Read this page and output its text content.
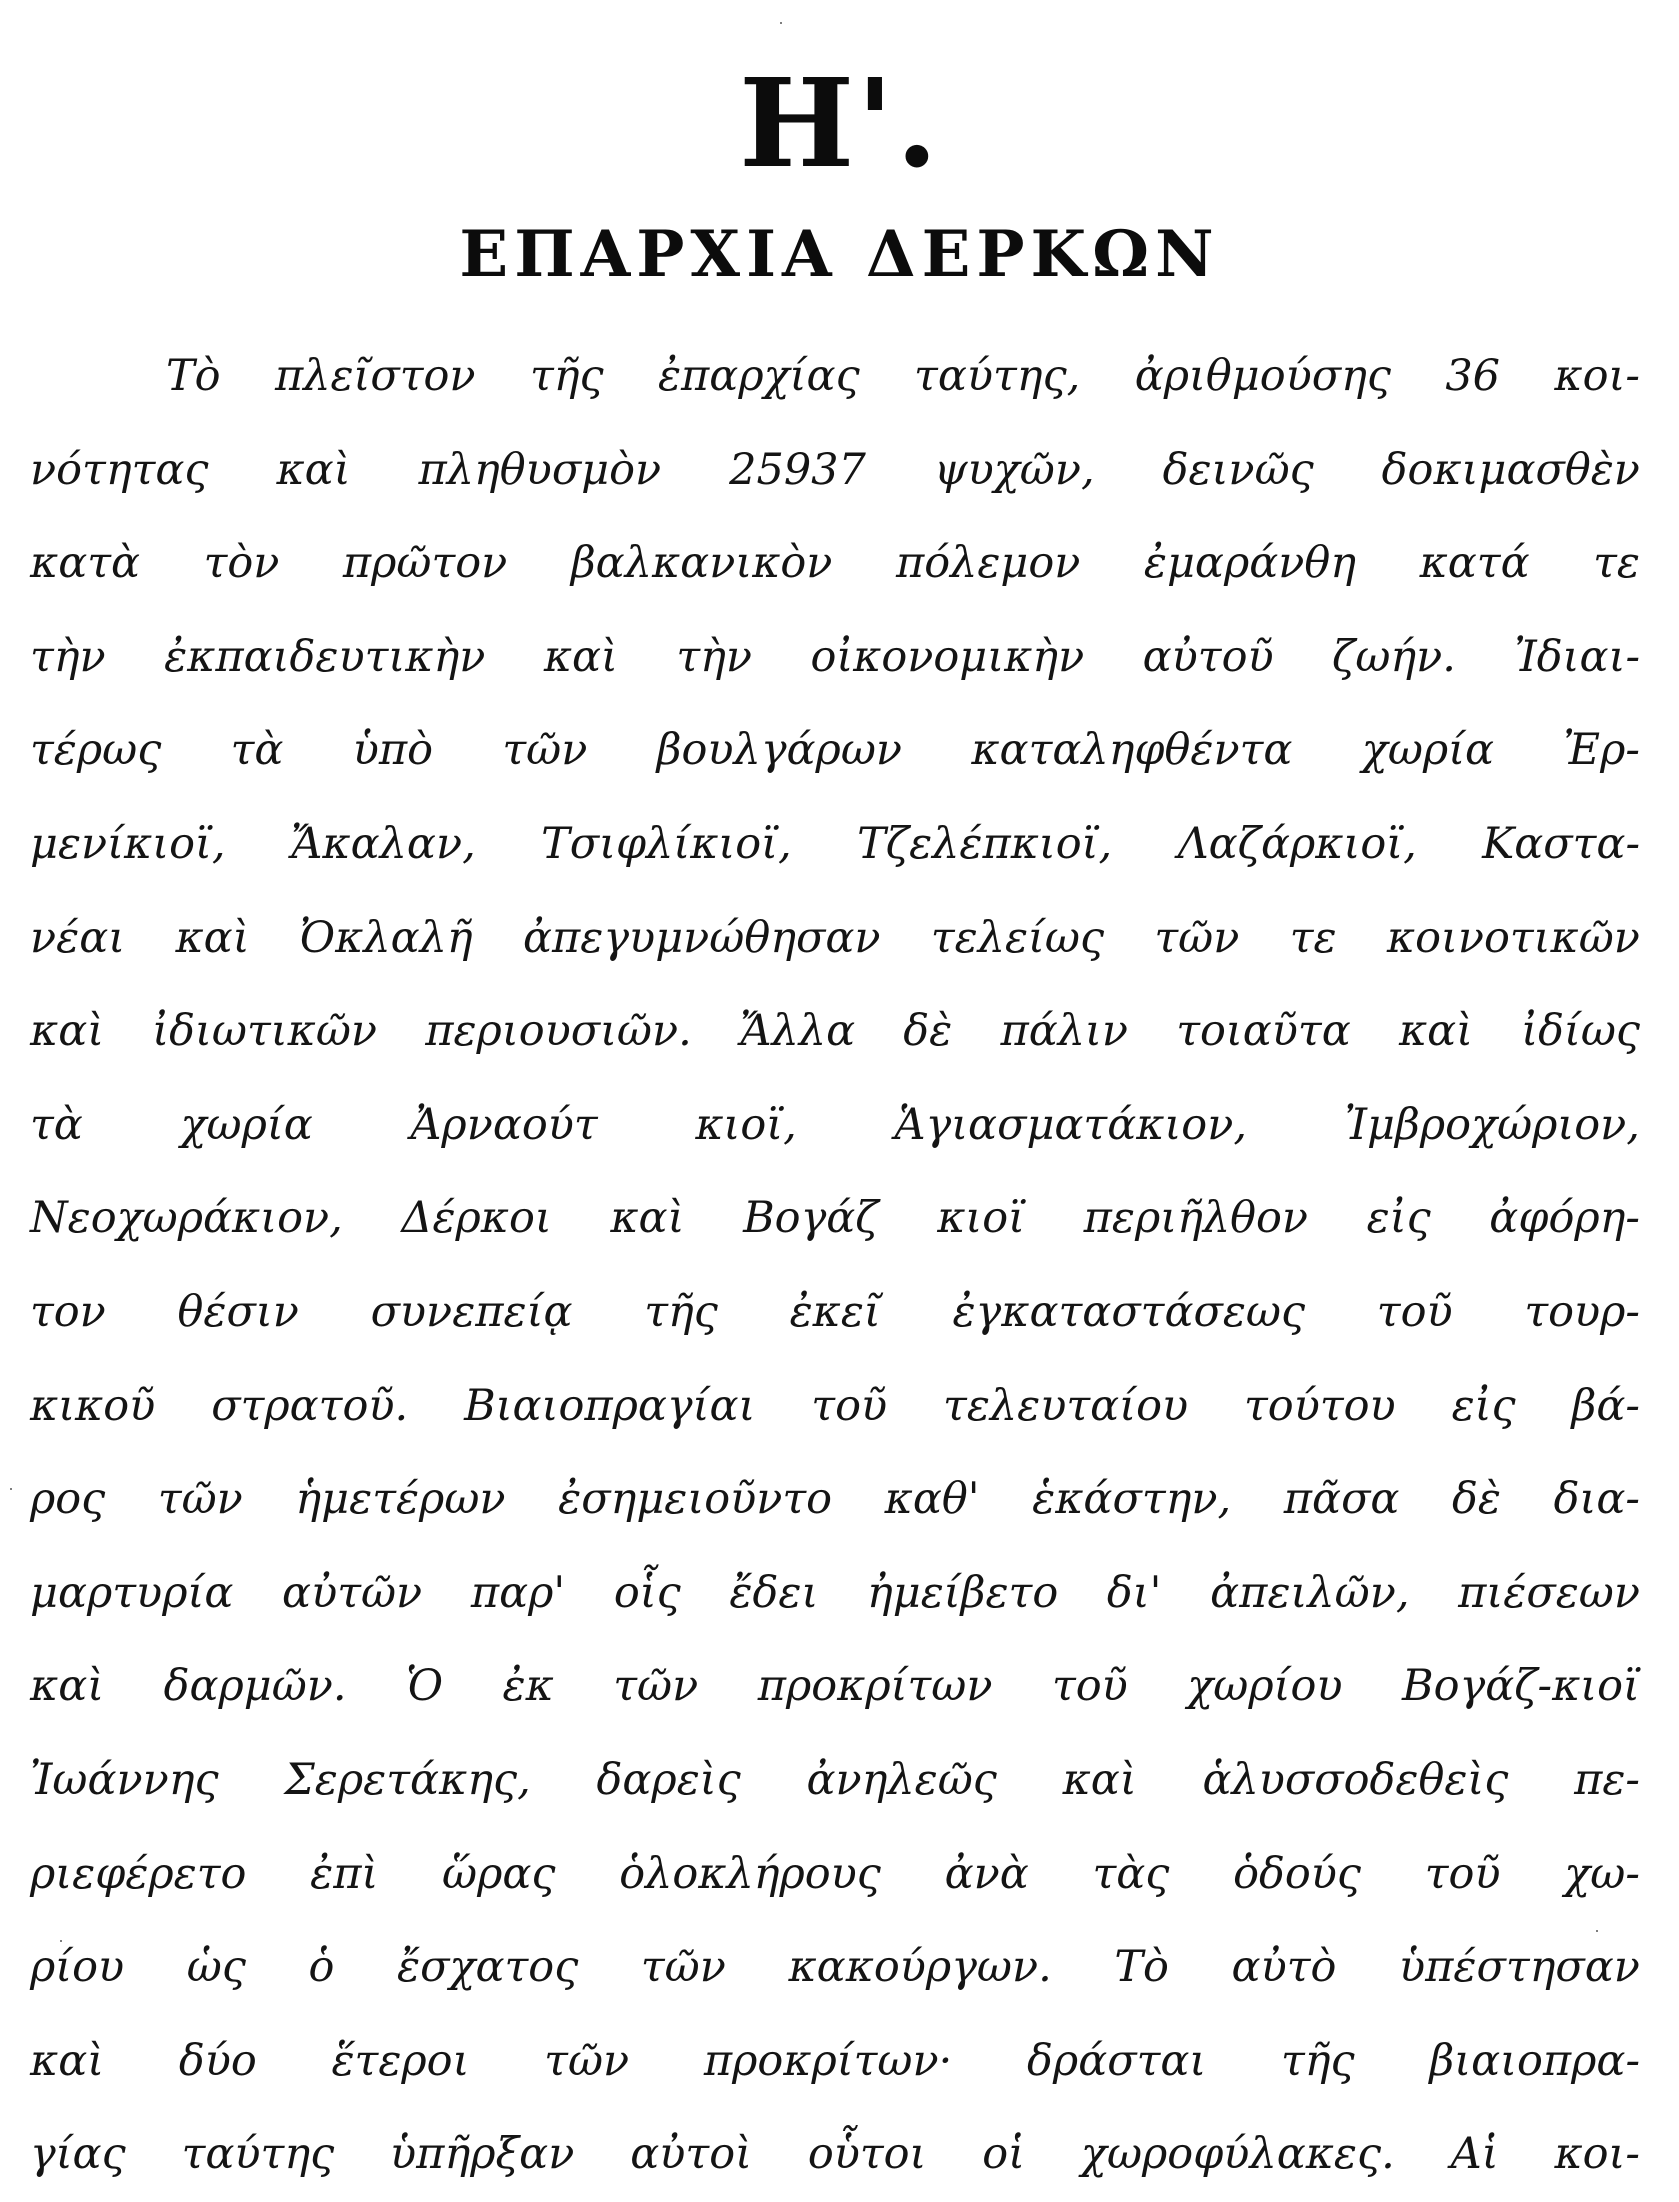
Η'.
ΕΠΑΡΧΙΑ ΔΕΡΚΩΝ
Τὸ πλεῖστον τῆς ἐπαρχίας ταύτης, ἀριθμούσης 36 κοι-
νότητας καὶ πληθυσμὸν 25937 ψυχῶν, δεινῶς δοκιμασθὲν
κατὰ τὸν πρῶτον βαλκανικὸν πόλεμον ἐμαράνθη κατά τε
τὴν ἐκπαιδευτικὴν καὶ τὴν οἰκονομικὴν αὐτοῦ ζωήν. Ἰδιαι-
τέρως τὰ ὑπὸ τῶν βουλγάρων καταληφθέντα χωρία Ἐρ-
μενίκιοϊ, Ἄκαλαν, Τσιφλίκιοϊ, Τζελέπκιοϊ, Λαζάρκιοϊ, Καστα-
νέαι καὶ Ὀκλαλῆ ἀπεγυμνώθησαν τελείως τῶν τε κοινοτικῶν
καὶ ἰδιωτικῶν περιουσιῶν. Ἄλλα δὲ πάλιν τοιαῦτα καὶ ἰδίως
τὰ χωρία Ἀρναούτ κιοϊ, Ἁγιασματάκιον, Ἰμβροχώριον,
Νεοχωράκιον, Δέρκοι καὶ Βογάζ κιοϊ περιῆλθον εἰς ἀφόρη-
τον θέσιν συνεπείᾳ τῆς ἐκεῖ ἐγκαταστάσεως τοῦ τουρ-
κικοῦ στρατοῦ. Βιαιοπραγίαι τοῦ τελευταίου τούτου εἰς βά-
ρος τῶν ἡμετέρων ἐσημειοῦντο καθ' ἑκάστην, πᾶσα δὲ δια-
μαρτυρία αὐτῶν παρ' οἷς ἔδει ἠμείβετο δι' ἀπειλῶν, πιέσεων
καὶ δαρμῶν. Ὁ ἐκ τῶν προκρίτων τοῦ χωρίου Βογάζ-κιοϊ
Ἰωάννης Σερετάκης, δαρεὶς ἀνηλεῶς καὶ ἁλυσσοδεθεὶς πε-
ριεφέρετο ἐπὶ ὥρας ὁλοκλήρους ἀνὰ τὰς ὁδούς τοῦ χω-
ρίου ὡς ὁ ἔσχατος τῶν κακούργων. Τὸ αὐτὸ ὑπέστησαν
καὶ δύο ἕτεροι τῶν προκρίτων· δράσται τῆς βιαιοπρα-
γίας ταύτης ὑπῆρξαν αὐτοὶ οὗτοι οἱ χωροφύλακες. Αἱ κοι-
